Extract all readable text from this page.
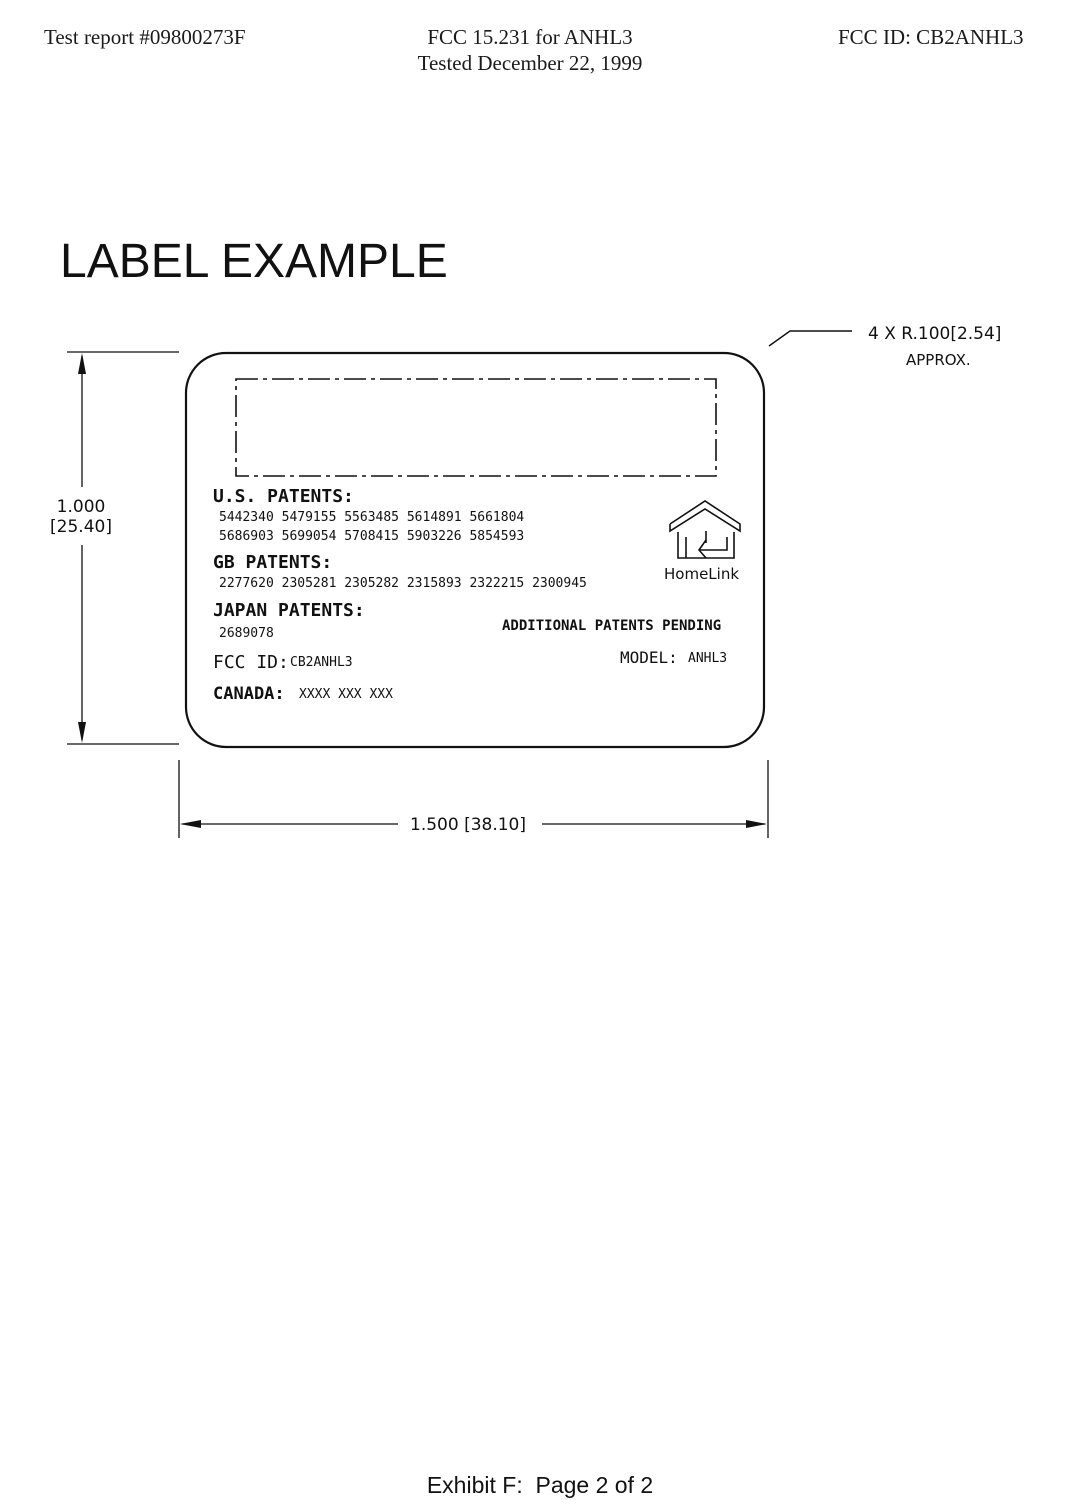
Test report #09800273F	FCC 15.231 for ANHL3
Tested December 22, 1999
FCC ID: CB2ANHL3
LABEL EXAMPLE
4 X R.100[2.54]
APPROX.
1.000
[25.40]
1.500 [38.10]
U.S. PATENTS:
5442340 5479155 5563485 5614891 5661804
5686903 5699054 5708415 5903226 5854593
GB PATENTS:
2277620 2305281 2305282 2315893 2322215 2300945
JAPAN PATENTS:
2689078	ADDITIONAL PATENTS PENDING
FCC ID: CB2ANHL3	MODEL: ANHL3
CANADA: XXXX XXX XXX
HomeLink
Exhibit F:  Page 2 of 2
